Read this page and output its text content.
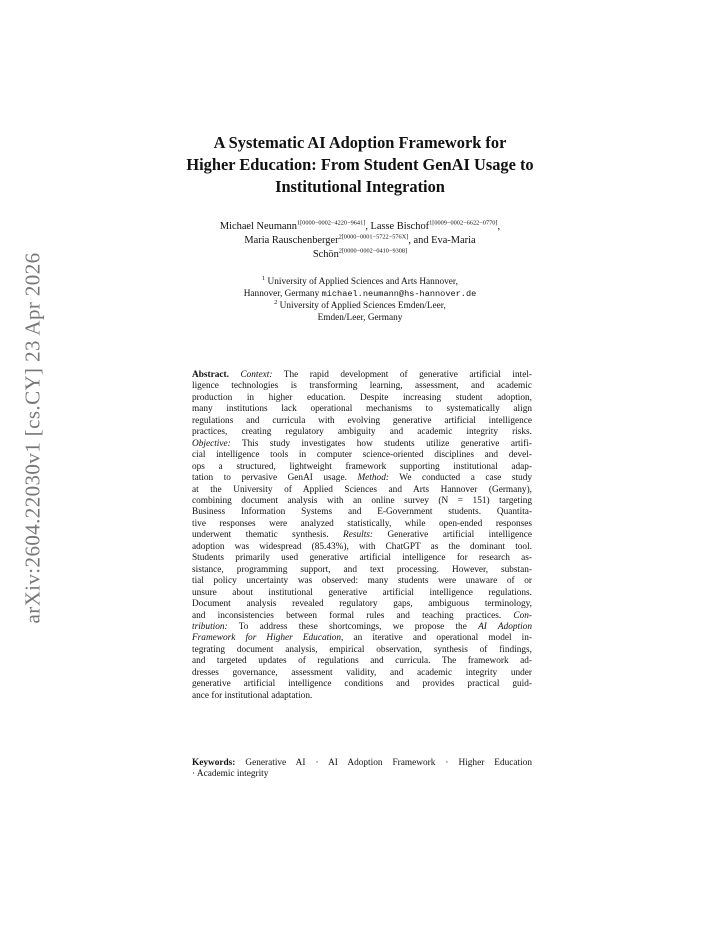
arXiv:2604.22030v1 [cs.CY] 23 Apr 2026
A Systematic AI Adoption Framework for
Higher Education: From Student GenAI Usage to
Institutional Integration
Michael Neumann$^{1[0000-0002-4220-9641]}$, Lasse Bischof$^{1[0009-0002-6622-0770]}$,
Maria Rauschenberger$^{2[0000-0001-5722-576X]}$, and Eva-Maria
Schön$^{2[0000-0002-0410-9308]}$
$^1$ University of Applied Sciences and Arts Hannover,
Hannover, Germany michael.neumann@hs-hannover.de
$^2$ University of Applied Sciences Emden/Leer,
Emden/Leer, Germany
Abstract. Context: The rapid development of generative artificial intel-
ligence technologies is transforming learning, assessment, and academic
production in higher education. Despite increasing student adoption,
many institutions lack operational mechanisms to systematically align
regulations and curricula with evolving generative artificial intelligence
practices, creating regulatory ambiguity and academic integrity risks.
Objective: This study investigates how students utilize generative artifi-
cial intelligence tools in computer science-oriented disciplines and devel-
ops a structured, lightweight framework supporting institutional adap-
tation to pervasive GenAI usage. Method: We conducted a case study
at the University of Applied Sciences and Arts Hannover (Germany),
combining document analysis with an online survey (N = 151) targeting
Business Information Systems and E-Government students. Quantita-
tive responses were analyzed statistically, while open-ended responses
underwent thematic synthesis. Results: Generative artificial intelligence
adoption was widespread (85.43%), with ChatGPT as the dominant tool.
Students primarily used generative artificial intelligence for research as-
sistance, programming support, and text processing. However, substan-
tial policy uncertainty was observed: many students were unaware of or
unsure about institutional generative artificial intelligence regulations.
Document analysis revealed regulatory gaps, ambiguous terminology,
and inconsistencies between formal rules and teaching practices. Con-
tribution: To address these shortcomings, we propose the AI Adoption
Framework for Higher Education, an iterative and operational model in-
tegrating document analysis, empirical observation, synthesis of findings,
and targeted updates of regulations and curricula. The framework ad-
dresses governance, assessment validity, and academic integrity under
generative artificial intelligence conditions and provides practical guid-
ance for institutional adaptation.
Keywords: Generative AI · AI Adoption Framework · Higher Education
· Academic integrity
